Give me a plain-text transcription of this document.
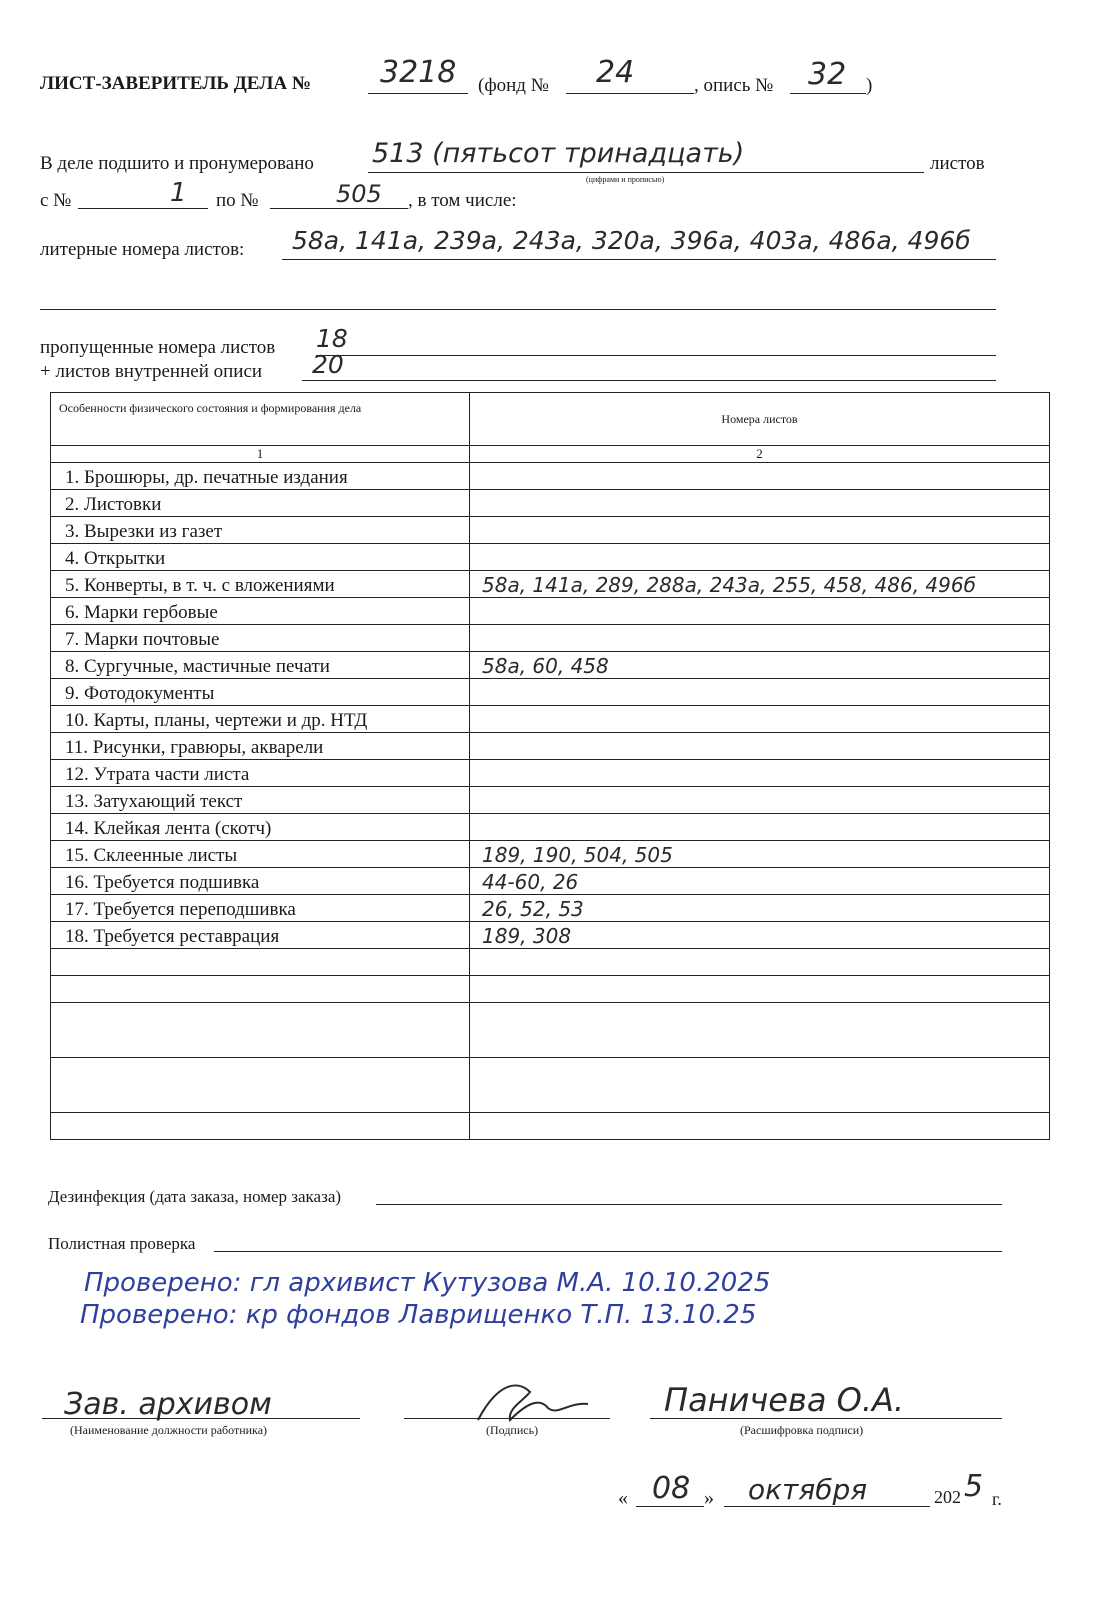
ЛИСТ-ЗАВЕРИТЕЛЬ ДЕЛА № 3218 (фонд № 24	, опись № 32 )
В деле подшито и пронумеровано 513 (пятьсот тринадцать)	листов
(цифрами и прописью)
с №	1 по №	505 , в том числе:
литерные номера листов: 58а, 141а, 239а, 243а, 320а, 396а, 403а, 486а, 496б
пропущенные номера листов 18
+ листов внутренней описи 20
Особенности физического состояния и формирования дела	Номера листов
1	2
1. Брошюры, др. печатные издания	
2. Листовки	
3. Вырезки из газет	
4. Открытки	
5. Конверты, в т. ч. с вложениями	58а, 141а, 289, 288а, 243а, 255, 458, 486, 496б
6. Марки гербовые	
7. Марки почтовые	
8. Сургучные, мастичные печати	58а, 60, 458
9. Фотодокументы	
10. Карты, планы, чертежи и др. НТД	
11. Рисунки, гравюры, акварели	
12. Утрата части листа	
13. Затухающий текст	
14. Клейкая лента (скотч)	
15. Склеенные листы	189, 190, 504, 505
16. Требуется подшивка	44-60, 26
17. Требуется переподшивка	26, 52, 53
18. Требуется реставрация	189, 308

Дезинфекция (дата заказа, номер заказа)
Полистная проверка
Проверено: гл архивист Кутузова М.А. 10.10.2025
Проверено: кр фондов Лаврищенко Т.П. 13.10.25
Зав. архивом
(Наименование должности работника)	(Подпись)
Паничева О.А.
(Расшифровка подписи)
« 08 » октября	202 5 г.
